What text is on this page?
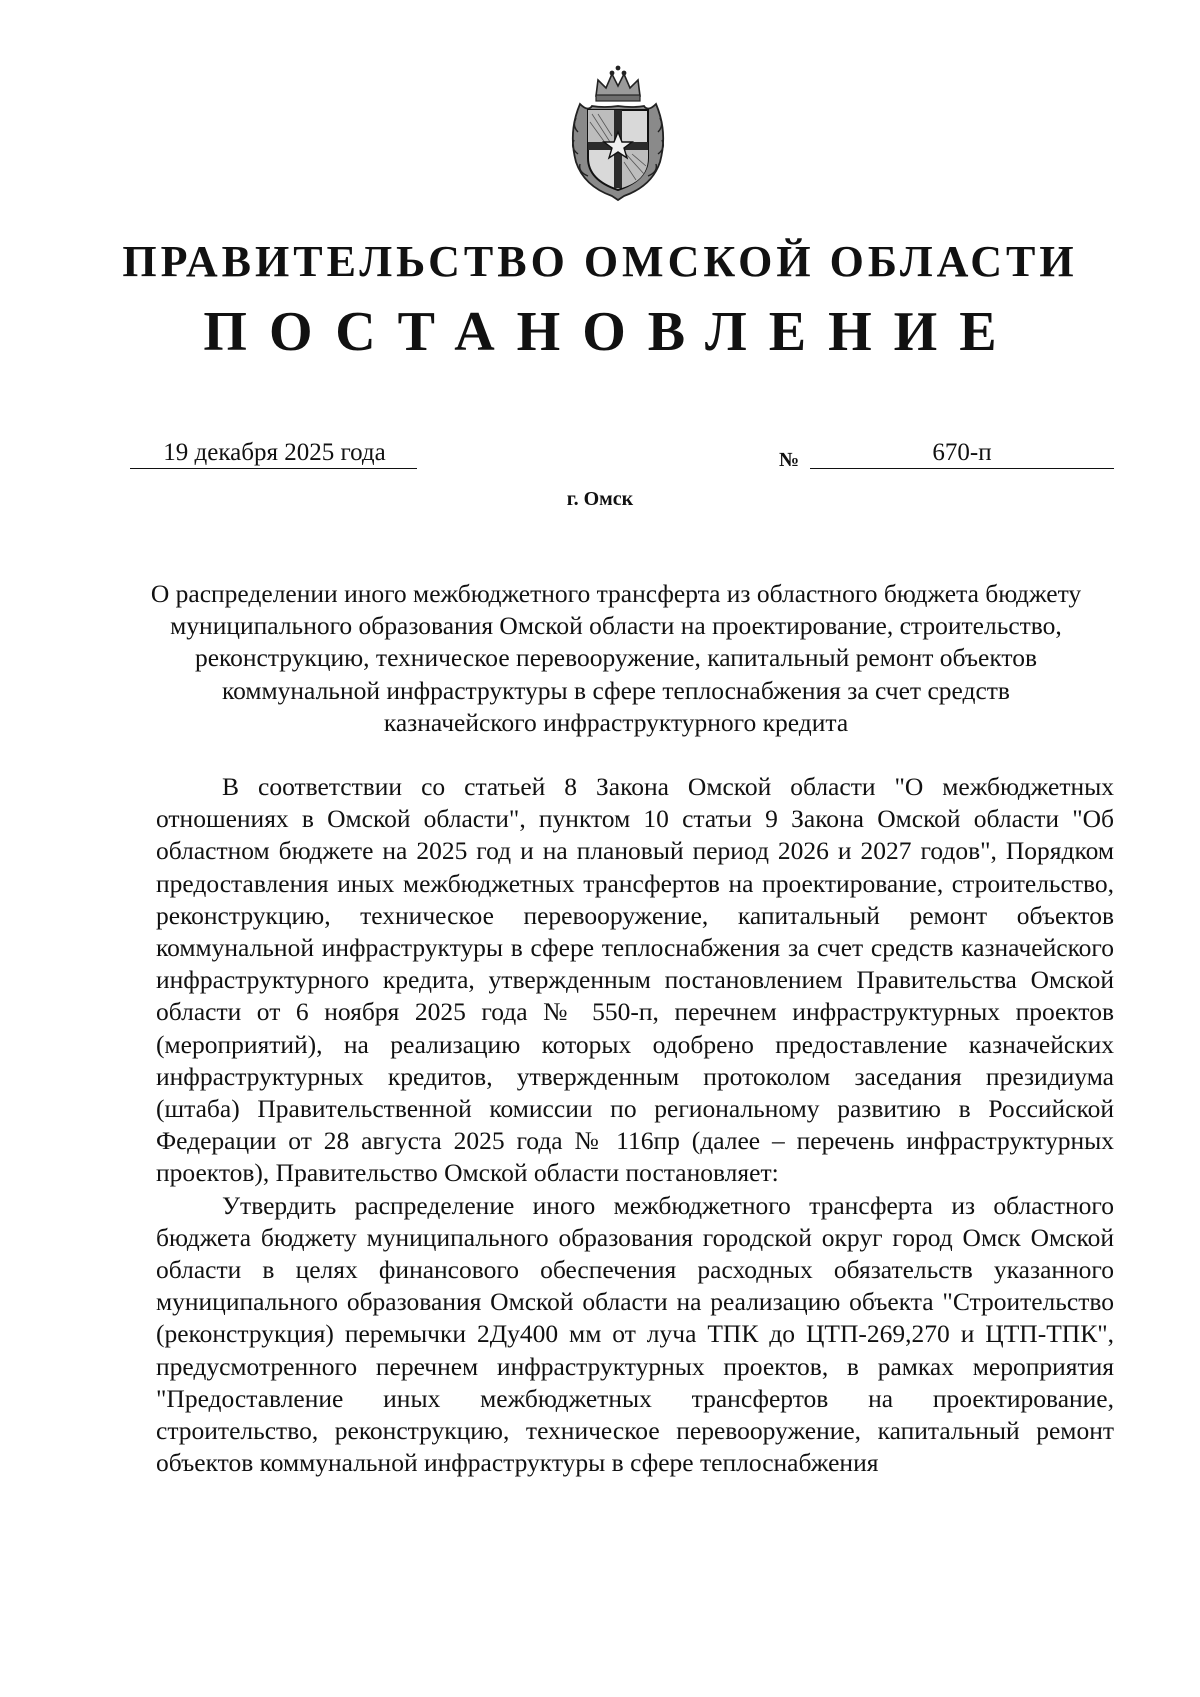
ПРАВИТЕЛЬСТВО ОМСКОЙ ОБЛАСТИ
ПОСТАНОВЛЕНИЕ
19 декабря 2025 года	№	670-п
г. Омск
О распределении иного межбюджетного трансферта из областного бюджета бюджету муниципального образования Омской области на проектирование, строительство, реконструкцию, техническое перевооружение, капитальный ремонт объектов коммунальной инфраструктуры в сфере теплоснабжения за счет средств казначейского инфраструктурного кредита

В соответствии со статьей 8 Закона Омской области "О межбюджетных отношениях в Омской области", пунктом 10 статьи 9 Закона Омской области "Об областном бюджете на 2025 год и на плановый период 2026 и 2027 годов", Порядком предоставления иных межбюджетных трансфертов на проектирование, строительство, реконструкцию, техническое перевооружение, капитальный ремонт объектов коммунальной инфраструктуры в сфере теплоснабжения за счет средств казначейского инфраструктурного кредита, утвержденным постановлением Правительства Омской области от 6 ноября 2025 года № 550-п, перечнем инфраструктурных проектов (мероприятий), на реализацию которых одобрено предоставление казначейских инфраструктурных кредитов, утвержденным протоколом заседания президиума (штаба) Правительственной комиссии по региональному развитию в Российской Федерации от 28 августа 2025 года № 116пр (далее – перечень инфраструктурных проектов), Правительство Омской области постановляет:

Утвердить распределение иного межбюджетного трансферта из областного бюджета бюджету муниципального образования городской округ город Омск Омской области в целях финансового обеспечения расходных обязательств указанного муниципального образования Омской области на реализацию объекта "Строительство (реконструкция) перемычки 2Ду400 мм от луча ТПК до ЦТП-269,270 и ЦТП-ТПК", предусмотренного перечнем инфраструктурных проектов, в рамках мероприятия "Предоставление иных межбюджетных трансфертов на проектирование, строительство, реконструкцию, техническое перевооружение, капитальный ремонт объектов коммунальной инфраструктуры в сфере теплоснабжения
